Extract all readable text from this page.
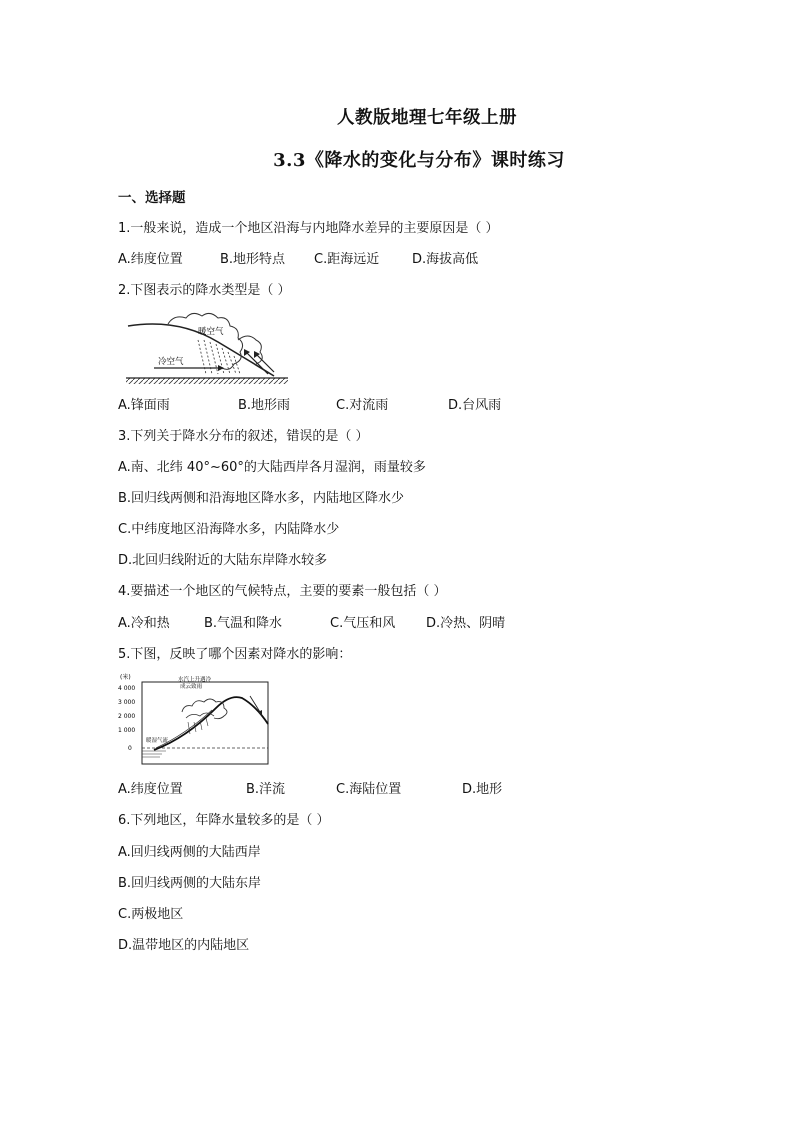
人教版地理七年级上册
3.3《降水的变化与分布》课时练习
一、选择题
1.一般来说，造成一个地区沿海与内地降水差异的主要原因是（ ）
A.纬度位置	B.地形特点 C.距海远近	D.海拔高低
2.下图表示的降水类型是（ ）
暖空气
冷空气
A.锋面雨	B.地形雨	C.对流雨	D.台风雨
3.下列关于降水分布的叙述，错误的是（ ）
A.南、北纬 40°~60°的大陆西岸各月湿润，雨量较多
B.回归线两侧和沿海地区降水多，内陆地区降水少
C.中纬度地区沿海降水多，内陆降水少
D.北回归线附近的大陆东岸降水较多
4.要描述一个地区的气候特点，主要的要素一般包括（ ）
A.冷和热	B.气温和降水	C.气压和风 D.冷热、阴晴
5.下图，反映了哪个因素对降水的影响：
(米)
4 000
3 000
2 000
1 000
0
水汽上升遇冷
成云致雨
暖湿气流
A.纬度位置	B.洋流	C.海陆位置	D.地形
6.下列地区，年降水量较多的是（ ）
A.回归线两侧的大陆西岸
B.回归线两侧的大陆东岸
C.两极地区
D.温带地区的内陆地区
